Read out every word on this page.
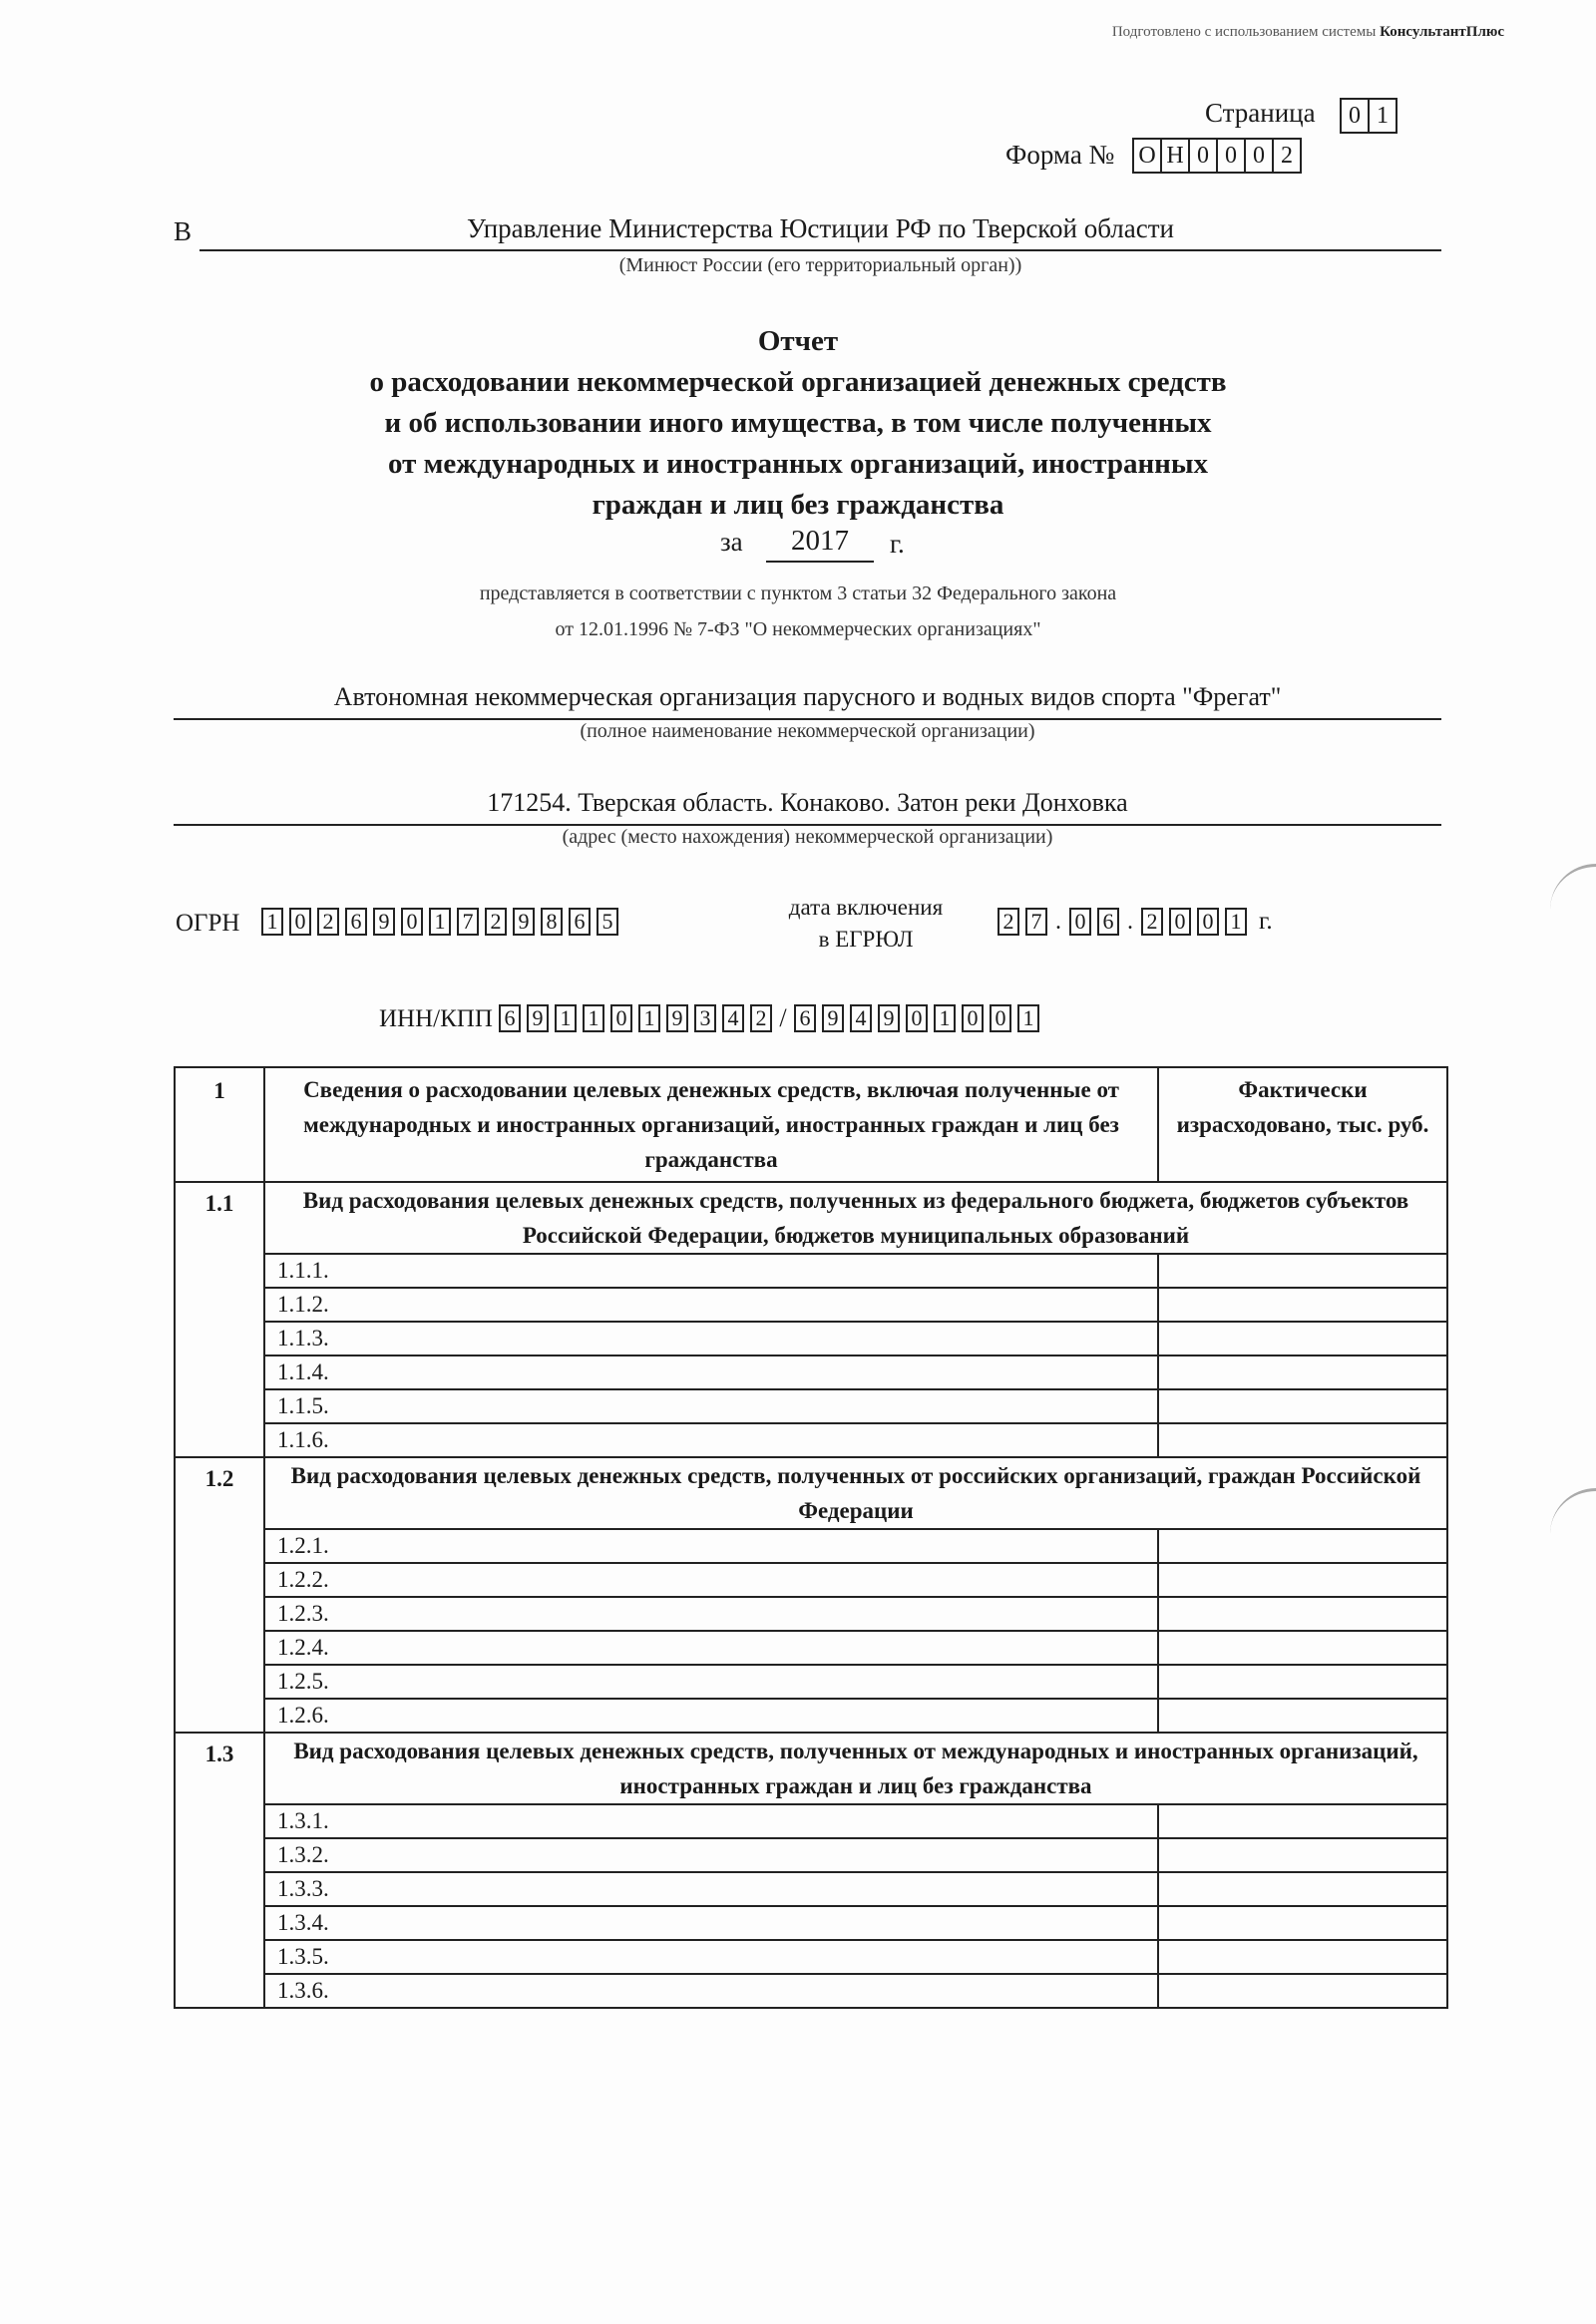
Подготовлено с использованием системы КонсультантПлюс
Страница	0 1
Форма № О Н 0 0 0 2
В	Управление Министерства Юстиции РФ по Тверской области
(Минюст России (его территориальный орган))
Отчет
о расходовании некоммерческой организацией денежных средств
и об использовании иного имущества, в том числе полученных
от международных и иностранных организаций, иностранных
граждан и лиц без гражданства
за	2017	г.
представляется в соответствии с пунктом 3 статьи 32 Федерального закона
от 12.01.1996 № 7-ФЗ "О некоммерческих организациях"
Автономная некоммерческая организация парусного и водных видов спорта "Фрегат"
(полное наименование некоммерческой организации)
171254. Тверская область. Конаково. Затон реки Донховка
(адрес (место нахождения) некоммерческой организации)
ОГРН 1 0 2 6 9 0 1 7 2 9 8 6 5
дата включения
в ЕГРЮЛ
2 7 . 0 6 . 2 0 0 1 г.
ИНН/КПП 6 9 1 1 0 1 9 3 4 2 / 6 9 4 9 0 1 0 0 1
1	Сведения о расходовании целевых денежных средств, включая полученные от международных и иностранных организаций, иностранных граждан и лиц без гражданства	Фактически израсходовано, тыс. руб.
1.1	Вид расходования целевых денежных средств, полученных из федерального бюджета, бюджетов субъектов Российской Федерации, бюджетов муниципальных образований	
	1.1.1.	
	1.1.2.	
	1.1.3.	
	1.1.4.	
	1.1.5.	
	1.1.6.	
1.2	Вид расходования целевых денежных средств, полученных от российских организаций, граждан Российской Федерации	
	1.2.1.	
	1.2.2.	
	1.2.3.	
	1.2.4.	
	1.2.5.	
	1.2.6.	
1.3	Вид расходования целевых денежных средств, полученных от международных и иностранных организаций, иностранных граждан и лиц без гражданства	
	1.3.1.	
	1.3.2.	
	1.3.3.	
	1.3.4.	
	1.3.5.	
	1.3.6.	
